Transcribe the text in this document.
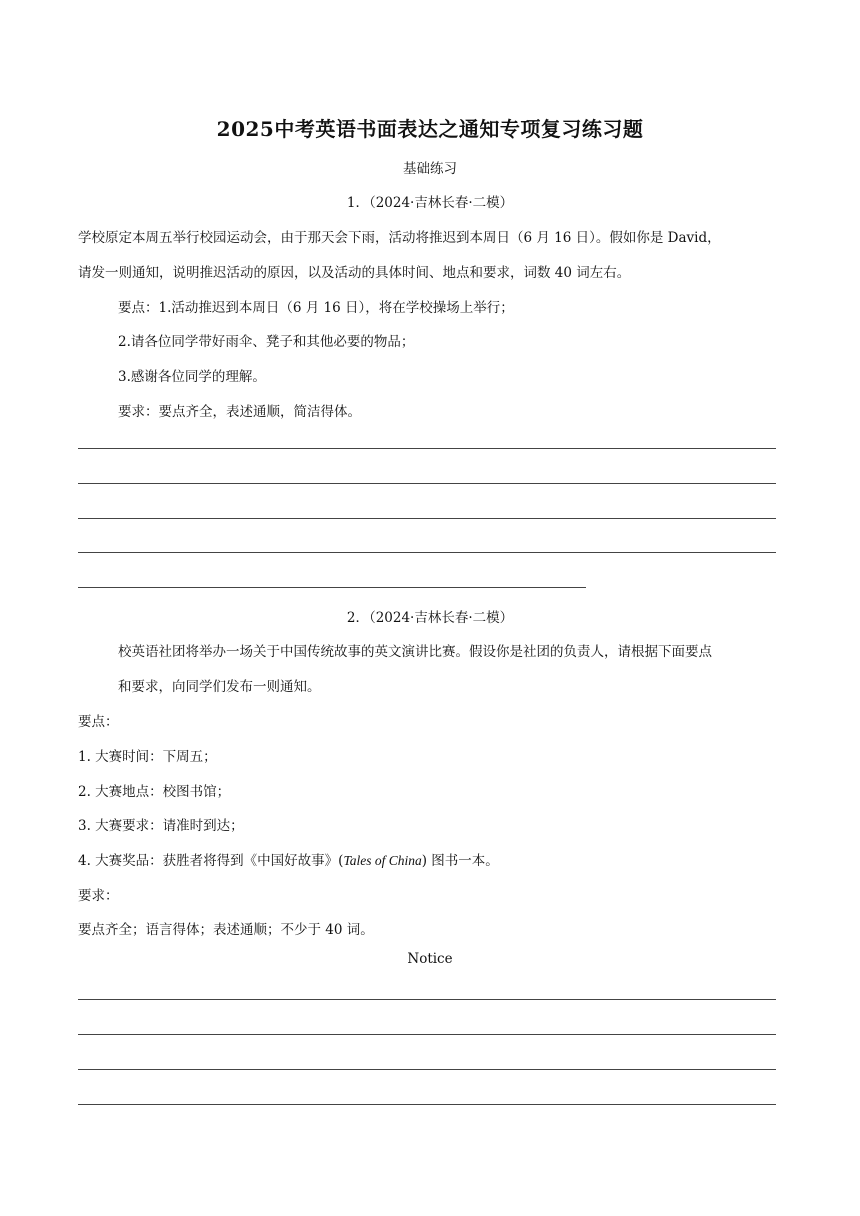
2025中考英语书面表达之通知专项复习练习题
基础练习
1．（2024·吉林长春·二模）
学校原定本周五举行校园运动会，由于那天会下雨，活动将推迟到本周日（6 月 16 日）。假如你是 David，
请发一则通知，说明推迟活动的原因，以及活动的具体时间、地点和要求，词数 40 词左右。
要点：1.活动推迟到本周日（6 月 16 日），将在学校操场上举行；
2.请各位同学带好雨伞、凳子和其他必要的物品；
3.感谢各位同学的理解。
要求：要点齐全，表述通顺，简洁得体。
2．（2024·吉林长春·二模）
校英语社团将举办一场关于中国传统故事的英文演讲比赛。假设你是社团的负责人，请根据下面要点
和要求，向同学们发布一则通知。
要点：
1. 大赛时间：下周五；
2. 大赛地点：校图书馆；
3. 大赛要求：请准时到达；
4. 大赛奖品：获胜者将得到《中国好故事》(Tales of China) 图书一本。
要求：
要点齐全；语言得体；表述通顺；不少于 40 词。
Notice
